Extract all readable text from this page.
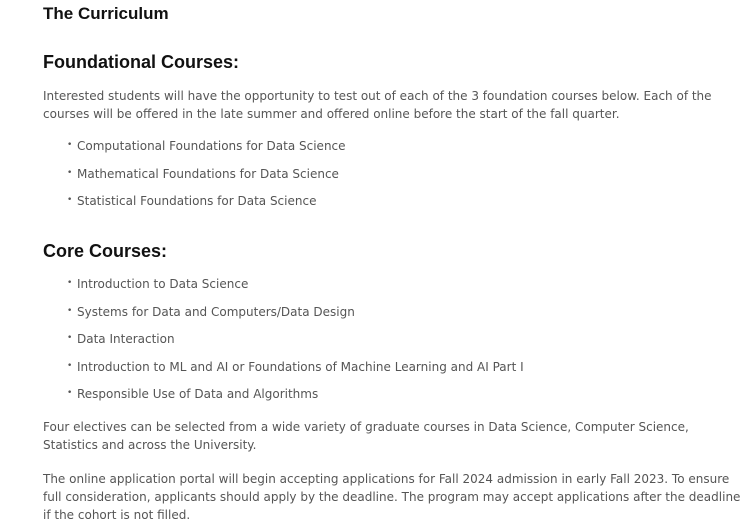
The Curriculum
Foundational Courses:

Interested students will have the opportunity to test out of each of the 3 foundation courses below. Each of the courses will be offered in the late summer and offered online before the start of the fall quarter.

• Computational Foundations for Data Science
• Mathematical Foundations for Data Science
• Statistical Foundations for Data Science
Core Courses:
• Introduction to Data Science
• Systems for Data and Computers/Data Design
• Data Interaction
• Introduction to ML and AI or Foundations of Machine Learning and AI Part I
• Responsible Use of Data and Algorithms

Four electives can be selected from a wide variety of graduate courses in Data Science, Computer Science, Statistics and across the University.

The online application portal will begin accepting applications for Fall 2024 admission in early Fall 2023. To ensure full consideration, applicants should apply by the deadline. The program may accept applications after the deadline if the cohort is not filled.
